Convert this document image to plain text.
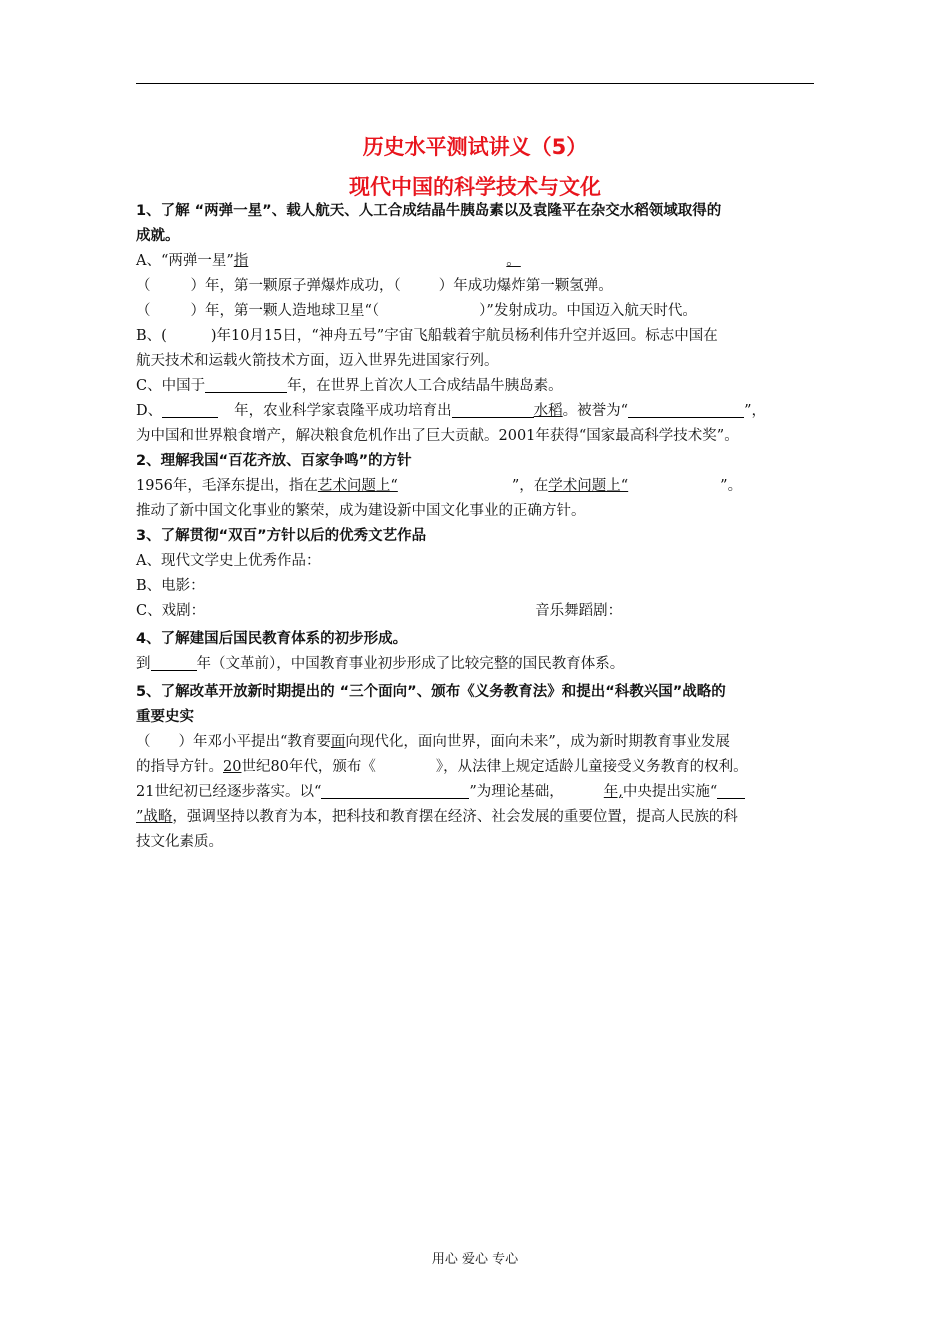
历史水平测试讲义（5）
现代中国的科学技术与文化
1、了解 “两弹一星”、载人航天、人工合成结晶牛胰岛素以及袁隆平在杂交水稻领域取得的
成就。
A、“两弹一星”指	。
（	）年，第一颗原子弹爆炸成功，（	）年成功爆炸第一颗氢弹。
（	）年，第一颗人造地球卫星“（	）”发射成功。中国迈入航天时代。
B、(	)年10月15日，“神舟五号”宇宙飞船载着宇航员杨利伟升空并返回。标志中国在
航天技术和运载火箭技术方面，迈入世界先进国家行列。
C、中国于	年，在世界上首次人工合成结晶牛胰岛素。
D、	年，农业科学家袁隆平成功培育出	水稻。被誉为“	”，
为中国和世界粮食增产，解决粮食危机作出了巨大贡献。2001年获得“国家最高科学技术奖”。
2、理解我国“百花齐放、百家争鸣”的方针
1956年，毛泽东提出，指在艺术问题上“	”，在学术问题上“	”。
推动了新中国文化事业的繁荣，成为建设新中国文化事业的正确方针。
3、了解贯彻“双百”方针以后的优秀文艺作品
A、现代文学史上优秀作品：
B、电影：
C、戏剧：	音乐舞蹈剧：
4、了解建国后国民教育体系的初步形成。
到	年（文革前），中国教育事业初步形成了比较完整的国民教育体系。
5、了解改革开放新时期提出的 “三个面向”、颁布《义务教育法》和提出“科教兴国”战略的
重要史实
（ ）年邓小平提出“教育要面向现代化，面向世界，面向未来”，成为新时期教育事业发展
的指导方针。20世纪80年代，颁布《	》，从法律上规定适龄儿童接受义务教育的权利。
21世纪初已经逐步落实。以“	”为理论基础，	年,中央提出实施“
”战略，强调坚持以教育为本，把科技和教育摆在经济、社会发展的重要位置，提高人民族的科
技文化素质。
用心 爱心 专心
